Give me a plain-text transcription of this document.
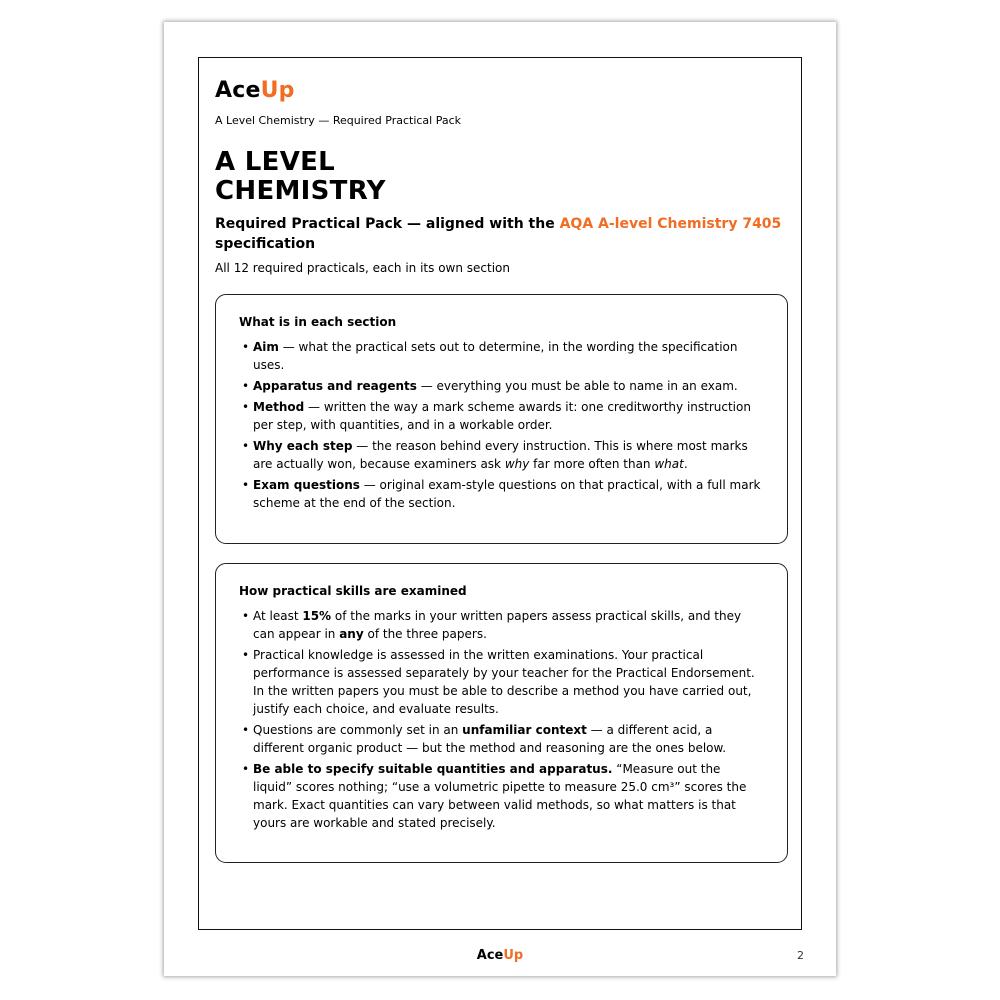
AceUp
A Level Chemistry — Required Practical Pack
A LEVEL
CHEMISTRY
Required Practical Pack — aligned with the AQA A-level Chemistry 7405 specification
All 12 required practicals, each in its own section
What is in each section
• Aim — what the practical sets out to determine, in the wording the specification uses.
• Apparatus and reagents — everything you must be able to name in an exam.
• Method — written the way a mark scheme awards it: one creditworthy instruction per step, with quantities, and in a workable order.
• Why each step — the reason behind every instruction. This is where most marks are actually won, because examiners ask why far more often than what.
• Exam questions — original exam-style questions on that practical, with a full mark scheme at the end of the section.
How practical skills are examined
• At least 15% of the marks in your written papers assess practical skills, and they can appear in any of the three papers.
• Practical knowledge is assessed in the written examinations. Your practical performance is assessed separately by your teacher for the Practical Endorsement. In the written papers you must be able to describe a method you have carried out, justify each choice, and evaluate results.
• Questions are commonly set in an unfamiliar context — a different acid, a different organic product — but the method and reasoning are the ones below.
• Be able to specify suitable quantities and apparatus. “Measure out the liquid” scores nothing; “use a volumetric pipette to measure 25.0 cm³” scores the mark. Exact quantities can vary between valid methods, so what matters is that yours are workable and stated precisely.
AceUp	2
